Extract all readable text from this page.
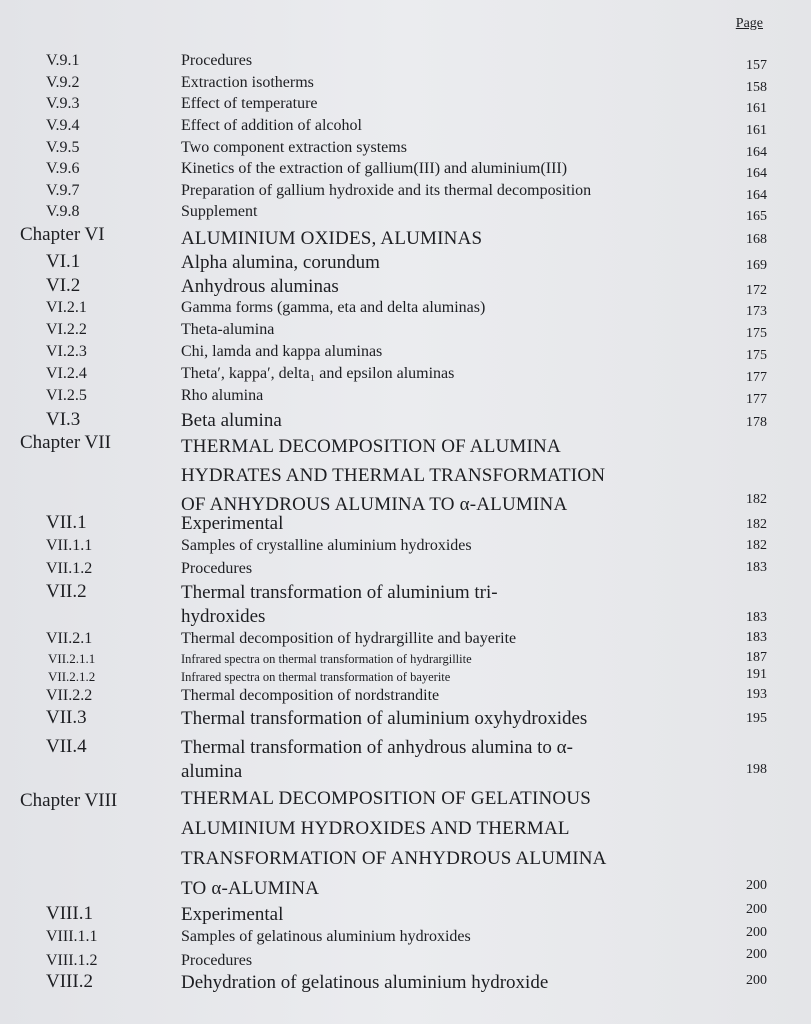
Page
V.9.1	Procedures	157
V.9.2	Extraction isotherms	158
V.9.3	Effect of temperature	161
V.9.4	Effect of addition of alcohol	161
V.9.5	Two component extraction systems	164
V.9.6	Kinetics of the extraction of gallium(III) and aluminium(III)	164
V.9.7	Preparation of gallium hydroxide and its thermal decomposition	164
V.9.8	Supplement	165
Chapter VI	ALUMINIUM OXIDES, ALUMINAS	168
VI.1	Alpha alumina, corundum	169
VI.2	Anhydrous aluminas	172
VI.2.1	Gamma forms (gamma, eta and delta aluminas)	173
VI.2.2	Theta-alumina	175
VI.2.3	Chi, lamda and kappa aluminas	175
VI.2.4	Theta′, kappa′, delta₁ and epsilon aluminas	177
VI.2.5	Rho alumina	177
VI.3	Beta alumina	178
Chapter VII	THERMAL DECOMPOSITION OF ALUMINA
HYDRATES AND THERMAL TRANSFORMATION
OF ANHYDROUS ALUMINA TO α-ALUMINA	182
VII.1	Experimental	182
VII.1.1	Samples of crystalline aluminium hydroxides	182
VII.1.2	Procedures	183
VII.2	Thermal transformation of aluminium tri-
hydroxides	183
VII.2.1	Thermal decomposition of hydrargillite and bayerite	183
VII.2.1.1	Infrared spectra on thermal transformation of hydrargillite	187
VII.2.1.2	Infrared spectra on thermal transformation of bayerite	191
VII.2.2	Thermal decomposition of nordstrandite	193
VII.3	Thermal transformation of aluminium oxyhydroxides	195
VII.4	Thermal transformation of anhydrous alumina to α-
alumina	198
Chapter VIII	THERMAL DECOMPOSITION OF GELATINOUS
ALUMINIUM HYDROXIDES AND THERMAL
TRANSFORMATION OF ANHYDROUS ALUMINA
TO α-ALUMINA	200
VIII.1	Experimental	200
VIII.1.1	Samples of gelatinous aluminium hydroxides	200
VIII.1.2	Procedures	200
VIII.2	Dehydration of gelatinous aluminium hydroxide	200
